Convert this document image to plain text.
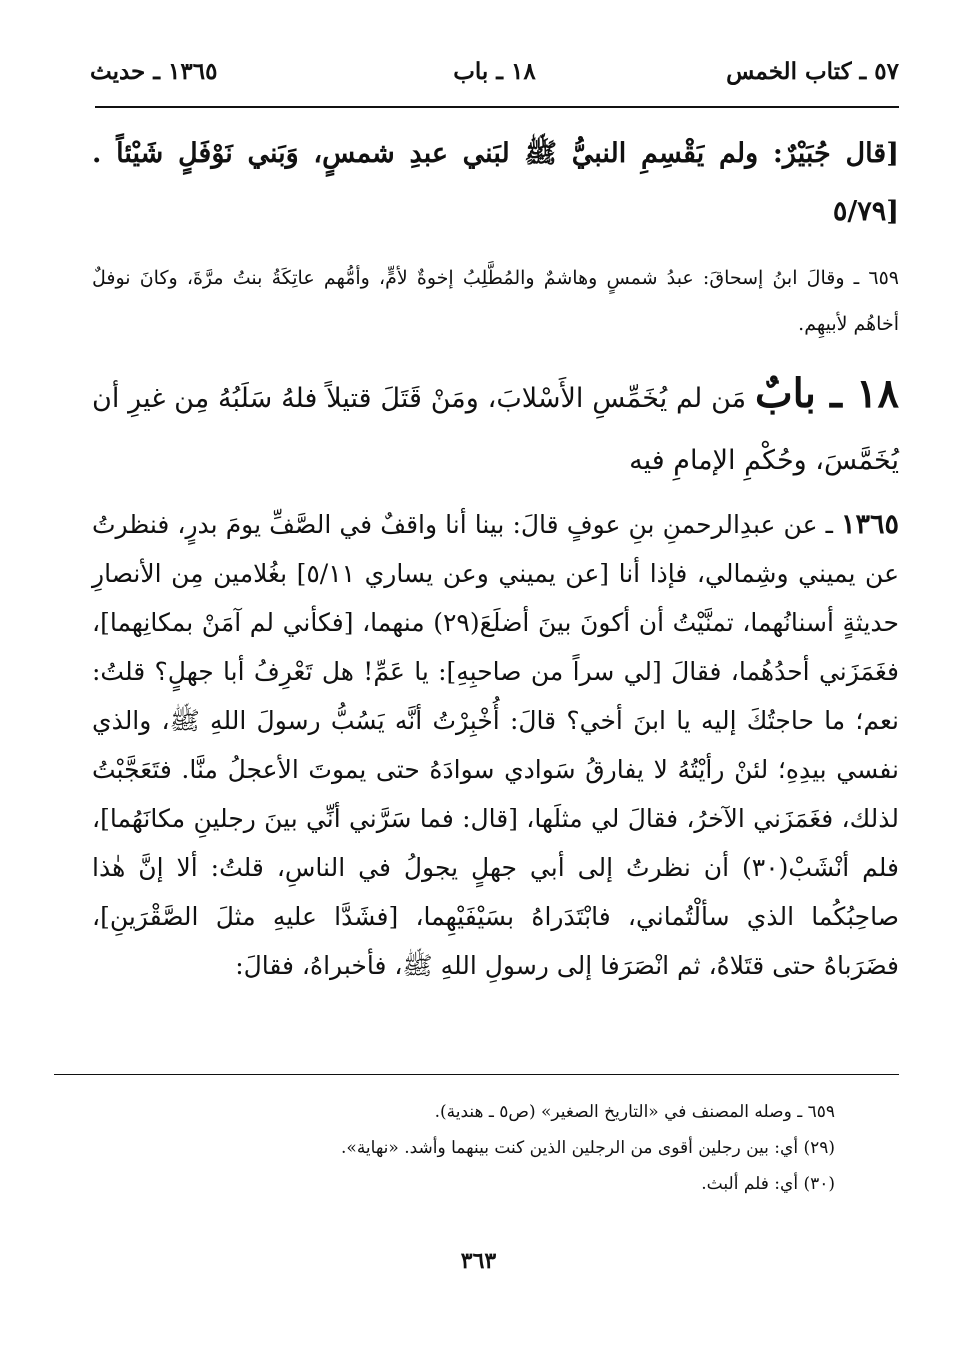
٥٧ ـ كتاب الخمس
١٨ ـ باب
١٣٦٥ ـ حديث

[قال جُبَيْرٌ: ولم يَقْسِمِ النبيُّ ﷺ لبَني عبدِ شمسٍ، وَبَني نَوْفَلٍ شَيْئاً .[٥/٧٩

٦٥٩ ـ وقالَ ابنُ إسحاقَ: عبدُ شمسٍ وهاشمٌ والمُطَّلِبُ إخوةٌ لأمٍّ، وأمُّهم عاتِكَةُ بنتُ مرَّةَ، وكانَ نوفلٌ أخاهُم لأبيهِم.

١٨ ـ بابٌ مَن لم يُخَمِّسِ الأَسْلابَ، ومَنْ قَتَلَ قتيلاً فلهُ سَلَبُهُ مِن غيرِ أن يُخَمَّسَ، وحُكْمِ الإمامِ فيه

١٣٦٥ ـ عن عبدِالرحمنِ بنِ عوفٍ قالَ: بينا أنا واقفٌ في الصَّفِّ يومَ بدرٍ، فنظرتُ عن يميني وشِمالي، فإذا أنا [عن يميني وعن يساري ٥/١١] بغُلامين مِن الأنصارِ حديثةٍ أسنانُهما، تمنَّيْتُ أن أكونَ بينَ أضلَعَ(٢٩) منهما، [فكأني لم آمَنْ بمكانِهما]، فغَمَزَني أحدُهُما، فقالَ [لي سراً من صاحبِهِ]: يا عَمِّ! هل تَعْرِفُ أبا جهلٍ؟ قلتُ: نعم؛ ما حاجتُكَ إليه يا ابنَ أخي؟ قالَ: أُخْبِرْتُ أنَّه يَسُبُّ رسولَ اللهِ ﷺ، والذي نفسي بيدِهِ؛ لئنْ رأيْتُهُ لا يفارقُ سَوادي سوادَهُ حتى يموتَ الأعجلُ منَّا. فتَعَجَّبْتُ لذلك، فغَمَزَني الآخرُ، فقالَ لي مثلَها، [قال: فما سَرَّني أنِّي بينَ رجلينِ مكانَهُما]، فلم أنْشَبْ(٣٠) أن نظرتُ إلى أبي جهلٍ يجولُ في الناسِ، قلتُ: ألا إنَّ هٰذا صاحِبُكُما الذي سألْتُماني، فابْتَدَراهُ بسَيْفَيْهِما، [فشَدَّا عليهِ مثلَ الصَّقْرَينِ]، فضَرَباهُ حتى قتَلاهُ، ثم انْصَرَفا إلى رسولِ اللهِ ﷺ، فأخبراهُ، فقالَ:

٦٥٩ ـ وصله المصنف في «التاريخ الصغير» (ص٥ ـ هندية).

(٢٩) أي: بين رجلين أقوى من الرجلين الذين كنت بينهما وأشد. «نهاية».

(٣٠) أي: فلم ألبث.

٣٦٣
